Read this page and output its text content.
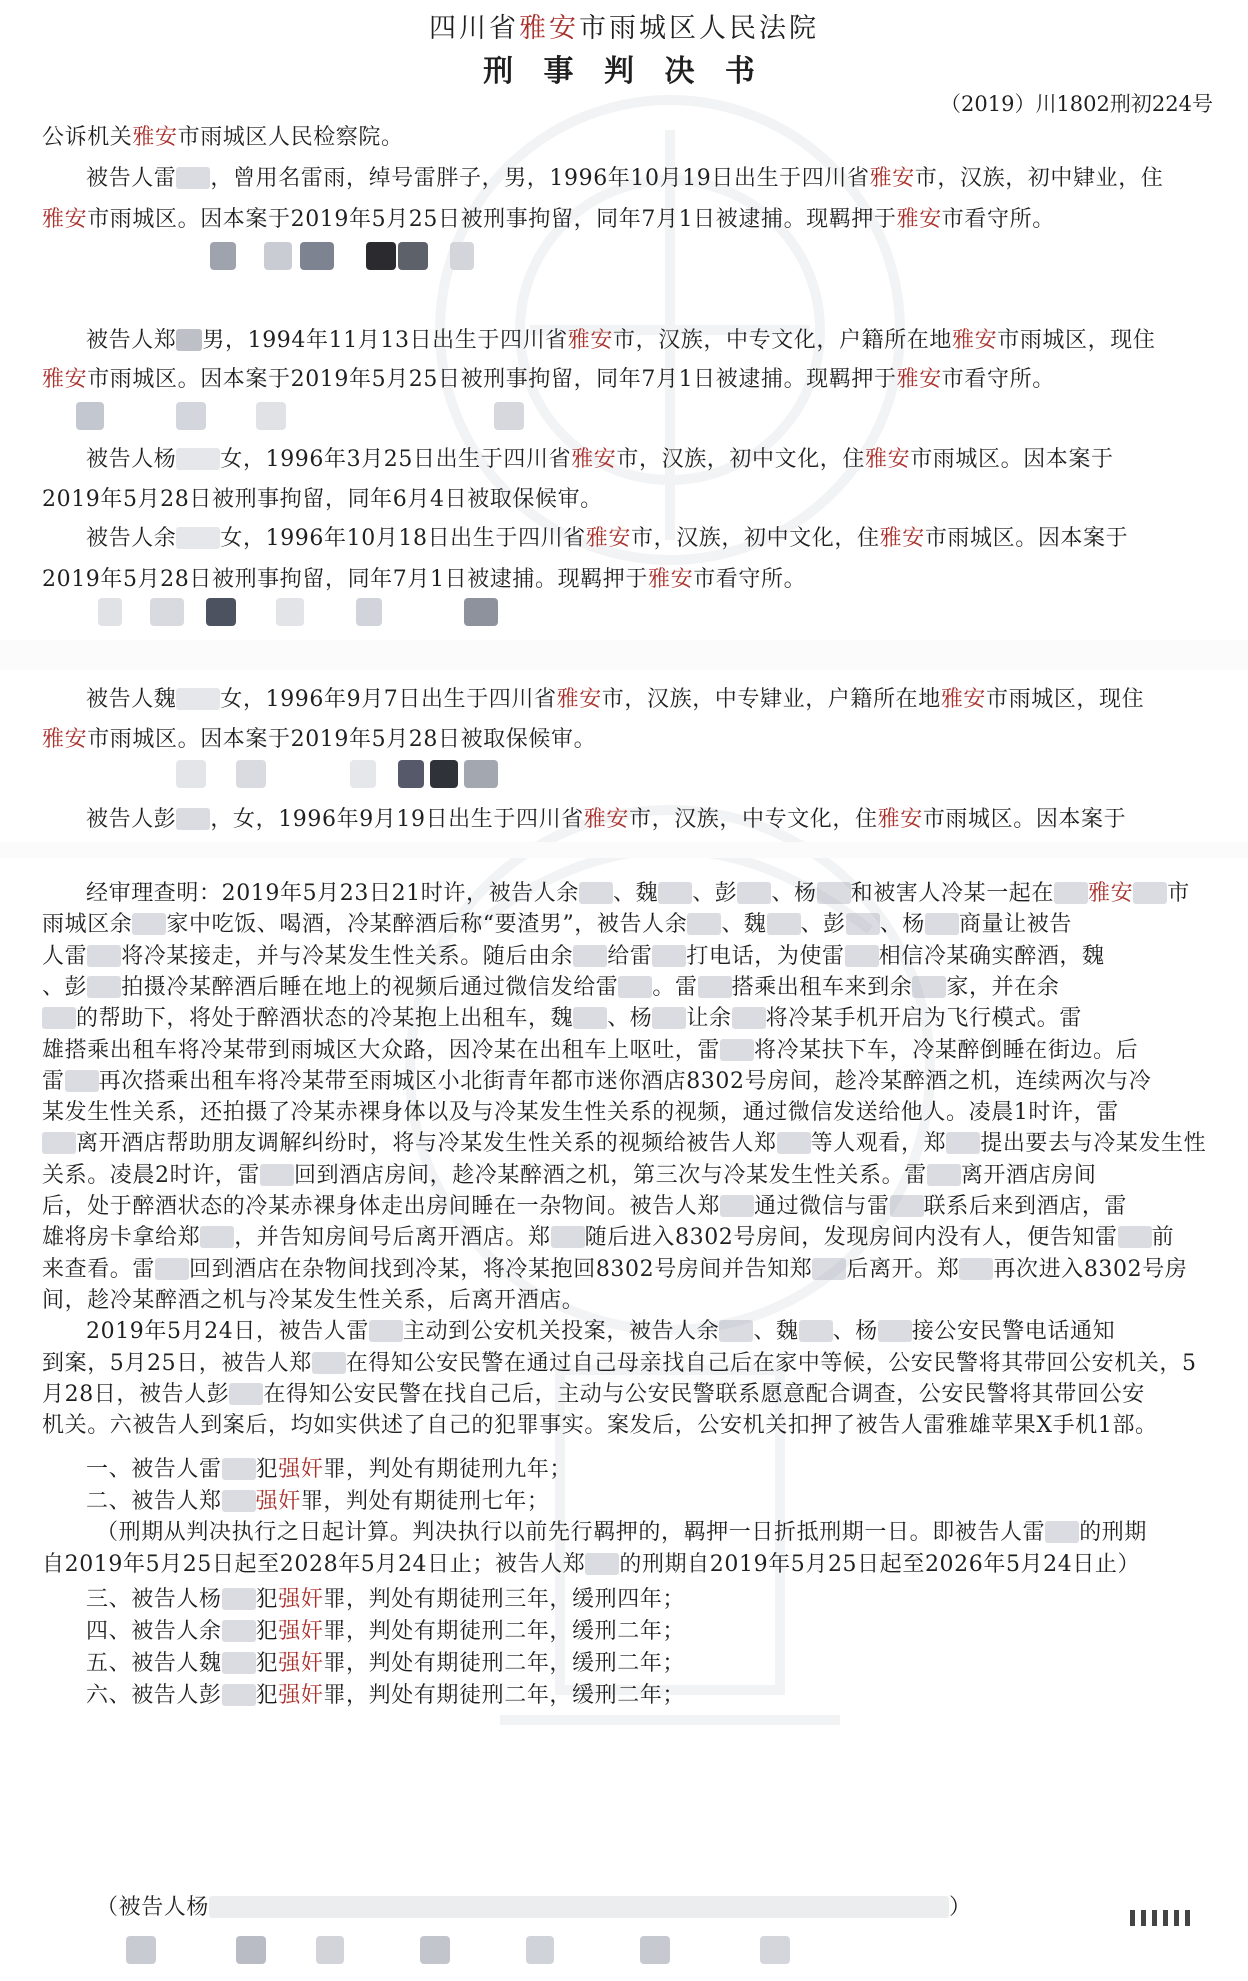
四川省雅安市雨城区人民法院
刑 事 判 决 书
（2019）川1802刑初224号
公诉机关雅安市雨城区人民检察院。
被告人雷 ，曾用名雷雨，绰号雷胖子，男，1996年10月19日出生于四川省雅安市，汉族，初中肄业，住
雅安市雨城区。因本案于2019年5月25日被刑事拘留，同年7月1日被逮捕。现羁押于雅安市看守所。
被告人郑 男，1994年11月13日出生于四川省雅安市，汉族，中专文化，户籍所在地雅安市雨城区，现住
雅安市雨城区。因本案于2019年5月25日被刑事拘留，同年7月1日被逮捕。现羁押于雅安市看守所。
被告人杨 女，1996年3月25日出生于四川省雅安市，汉族，初中文化，住雅安市雨城区。因本案于
2019年5月28日被刑事拘留，同年6月4日被取保候审。
被告人余 女，1996年10月18日出生于四川省雅安市，汉族，初中文化，住雅安市雨城区。因本案于
2019年5月28日被刑事拘留，同年7月1日被逮捕。现羁押于雅安市看守所。
被告人魏 女，1996年9月7日出生于四川省雅安市，汉族，中专肄业，户籍所在地雅安市雨城区，现住
雅安市雨城区。因本案于2019年5月28日被取保候审。
被告人彭 ，女，1996年9月19日出生于四川省雅安市，汉族，中专文化，住雅安市雨城区。因本案于
经审理查明：2019年5月23日21时许，被告人余 、魏 、彭 、杨 和被害人冷某一起在 雅安 市
雨城区余 家中吃饭、喝酒，冷某醉酒后称“要渣男”，被告人余 、魏 、彭 、杨 商量让被告
人雷 将冷某接走，并与冷某发生性关系。随后由余 给雷 打电话，为使雷 相信冷某确实醉酒，魏
、彭 拍摄冷某醉酒后睡在地上的视频后通过微信发给雷 。雷 搭乘出租车来到余 家，并在余
的帮助下，将处于醉酒状态的冷某抱上出租车，魏 、杨 让余 将冷某手机开启为飞行模式。雷
雄搭乘出租车将冷某带到雨城区大众路，因冷某在出租车上呕吐，雷 将冷某扶下车，冷某醉倒睡在街边。后
雷 再次搭乘出租车将冷某带至雨城区小北街青年都市迷你酒店8302号房间，趁冷某醉酒之机，连续两次与冷
某发生性关系，还拍摄了冷某赤裸身体以及与冷某发生性关系的视频，通过微信发送给他人。凌晨1时许，雷
离开酒店帮助朋友调解纠纷时，将与冷某发生性关系的视频给被告人郑 等人观看，郑 提出要去与冷某发生性
关系。凌晨2时许，雷 回到酒店房间，趁冷某醉酒之机，第三次与冷某发生性关系。雷 离开酒店房间
后，处于醉酒状态的冷某赤裸身体走出房间睡在一杂物间。被告人郑 通过微信与雷 联系后来到酒店，雷
雄将房卡拿给郑 ，并告知房间号后离开酒店。郑 随后进入8302号房间，发现房间内没有人，便告知雷 前
来查看。雷 回到酒店在杂物间找到冷某，将冷某抱回8302号房间并告知郑 后离开。郑 再次进入8302号房
间，趁冷某醉酒之机与冷某发生性关系，后离开酒店。
2019年5月24日，被告人雷 主动到公安机关投案，被告人余 、魏 、杨 接公安民警电话通知
到案，5月25日，被告人郑 在得知公安民警在通过自己母亲找自己后在家中等候，公安民警将其带回公安机关，5
月28日，被告人彭 在得知公安民警在找自己后，主动与公安民警联系愿意配合调查，公安民警将其带回公安
机关。六被告人到案后，均如实供述了自己的犯罪事实。案发后，公安机关扣押了被告人雷雅雄苹果X手机1部。
一、被告人雷 犯强奸罪，判处有期徒刑九年；
二、被告人郑 强奸罪，判处有期徒刑七年；
（刑期从判决执行之日起计算。判决执行以前先行羁押的，羁押一日折抵刑期一日。即被告人雷 的刑期
自2019年5月25日起至2028年5月24日止；被告人郑 的刑期自2019年5月25日起至2026年5月24日止）
三、被告人杨 犯强奸罪，判处有期徒刑三年，缓刑四年；
四、被告人余 犯强奸罪，判处有期徒刑二年，缓刑二年；
五、被告人魏 犯强奸罪，判处有期徒刑二年，缓刑二年；
六、被告人彭 犯强奸罪，判处有期徒刑二年，缓刑二年；
（被告人杨	）
